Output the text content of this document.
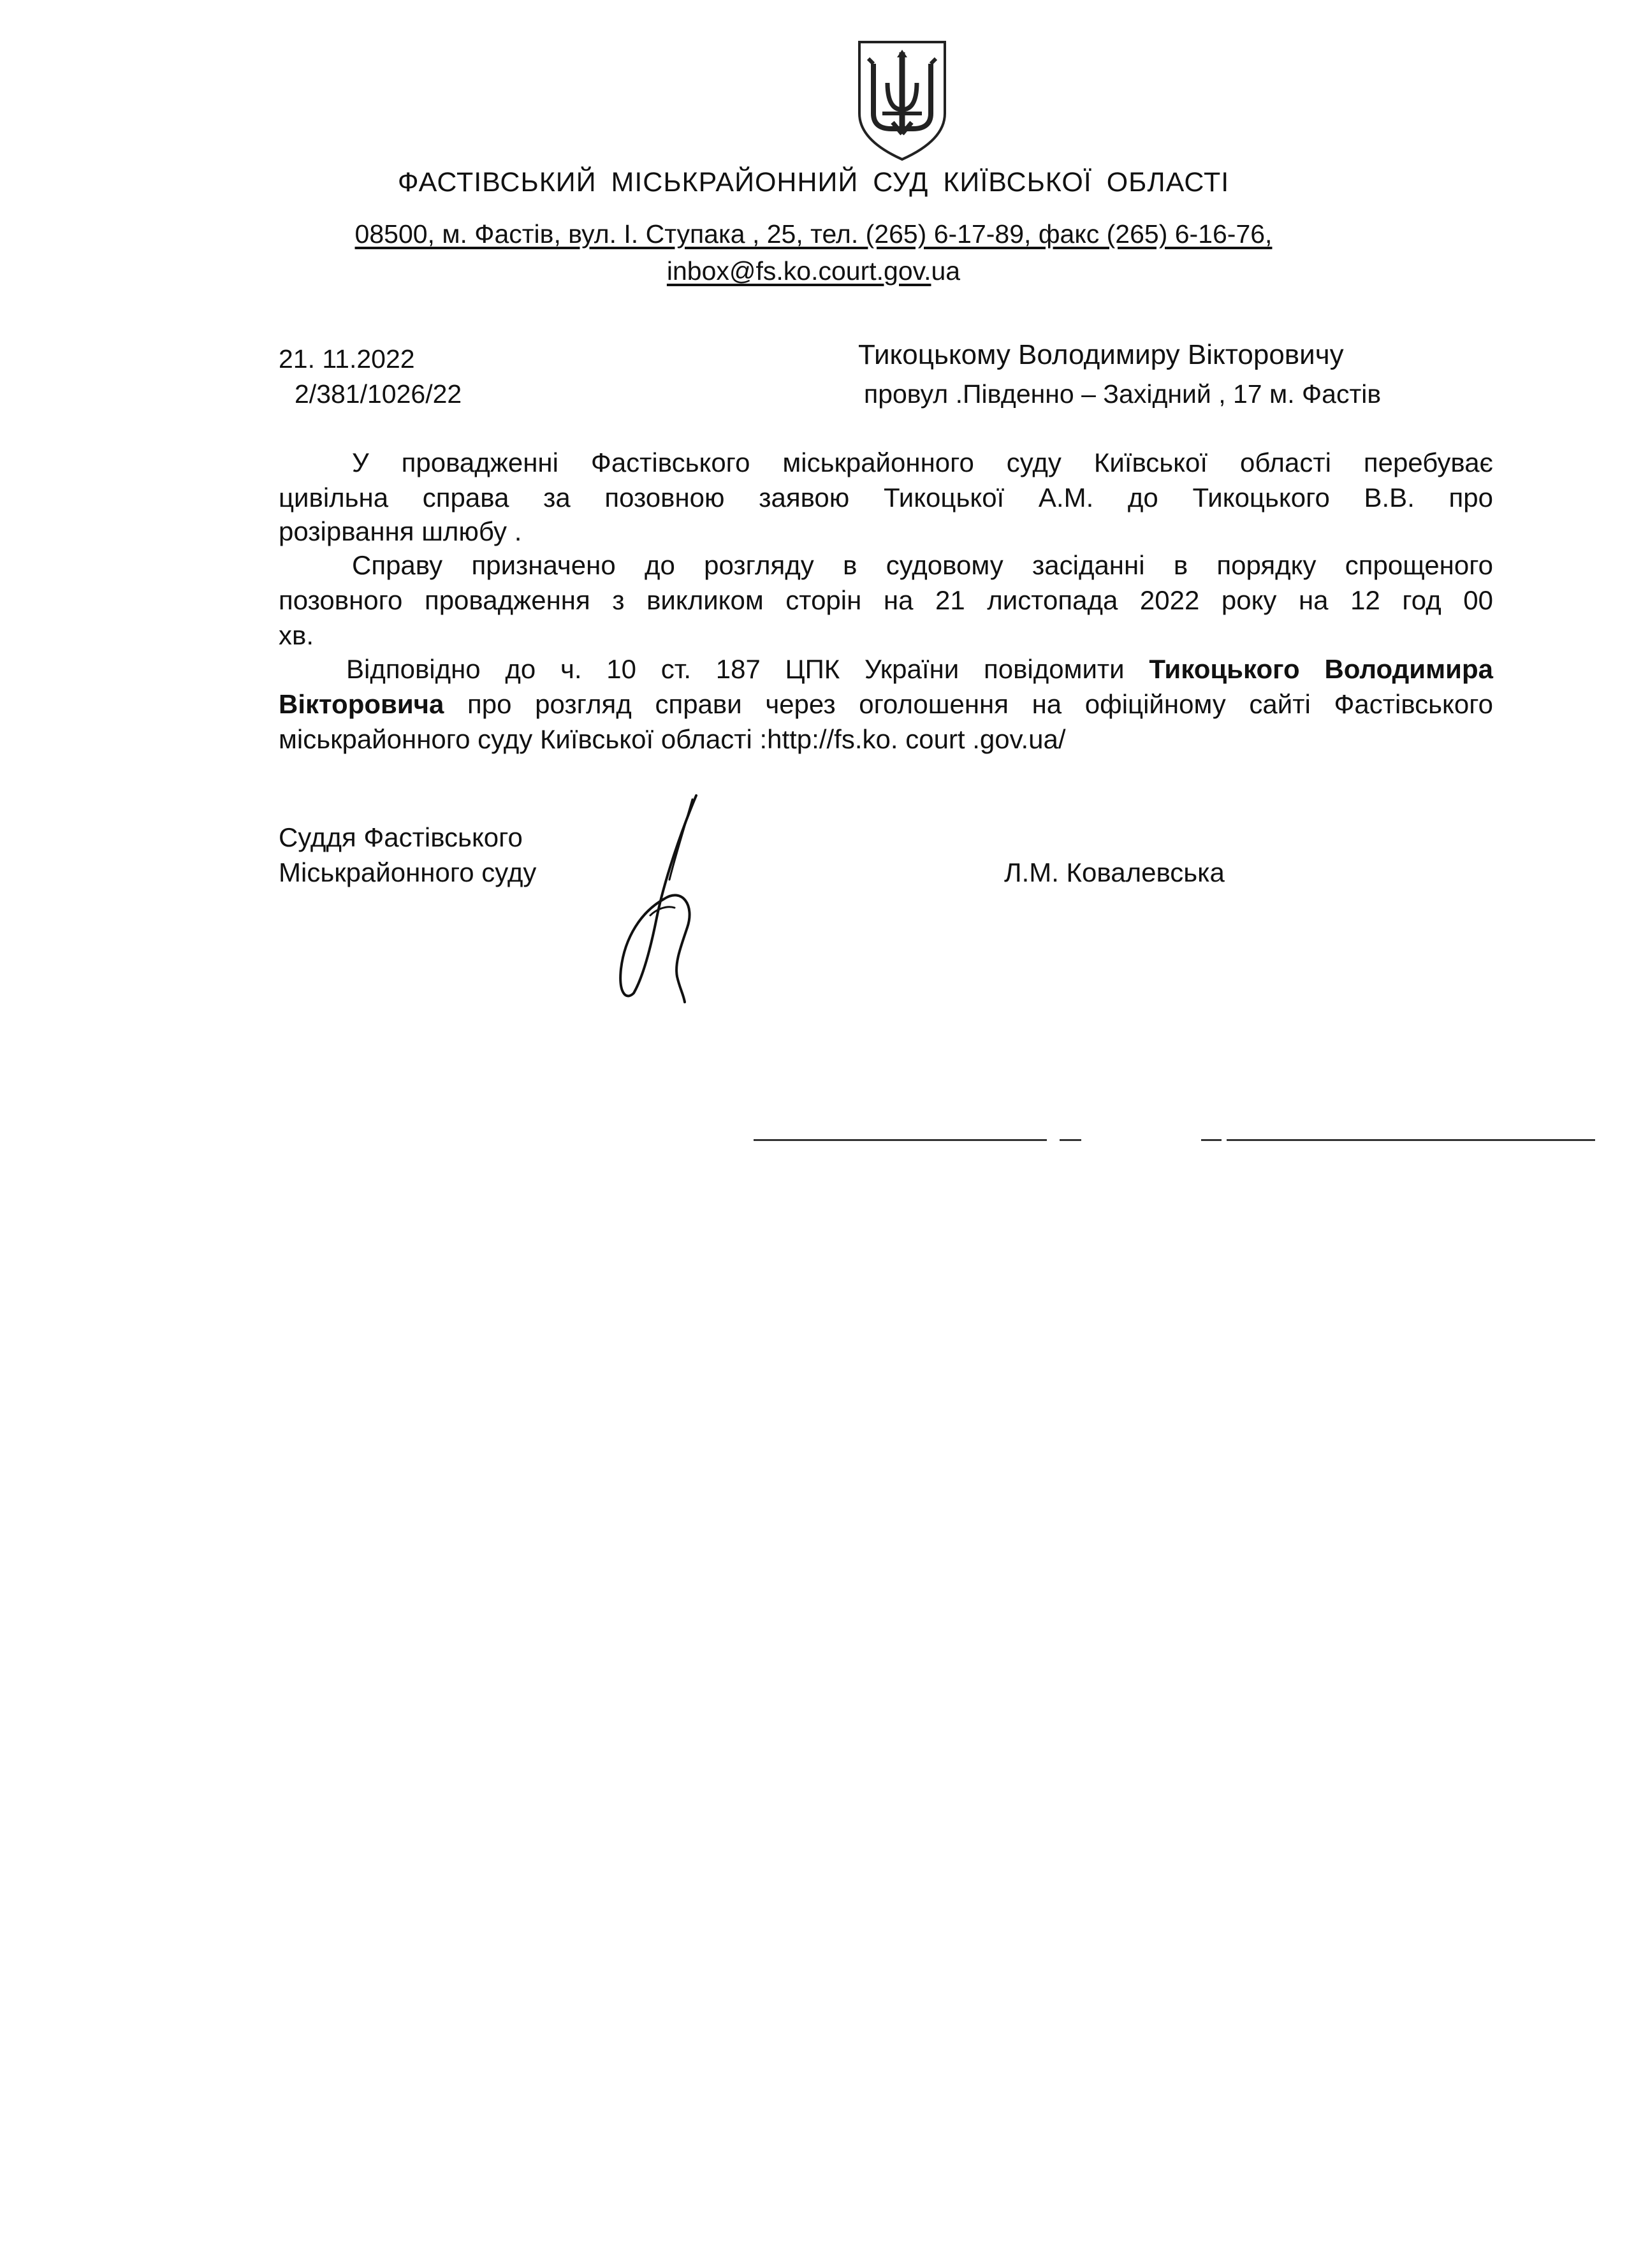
ФАСТІВСЬКИЙ МІСЬКРАЙОННИЙ СУД КИЇВСЬКОЇ ОБЛАСТІ
08500, м. Фастів, вул. І. Ступака , 25, тел. (265) 6-17-89, факс (265) 6-16-76,
inbox@fs.ko.court.gov.ua
21. 11.2022
2/381/1026/22
Тикоцькому Володимиру Вікторовичу
провул .Південно – Західний , 17 м. Фастів
У провадженні Фастівського міськрайонного суду Київської області перебуває
цивільна справа за позовною заявою Тикоцької А.М. до Тикоцького В.В. про
розірвання шлюбу .
Справу призначено до розгляду в судовому засіданні в порядку спрощеного
позовного провадження з викликом сторін на 21 листопада 2022 року на 12 год 00
хв.
Відповідно до ч. 10 ст. 187 ЦПК України повідомити Тикоцького Володимира
Вікторовича про розгляд справи через оголошення на офіційному сайті Фастівського
міськрайонного суду Київської області :http://fs.ko. court .gov.ua/
Суддя Фастівського
Міськрайонного суду	Л.М. Ковалевська
